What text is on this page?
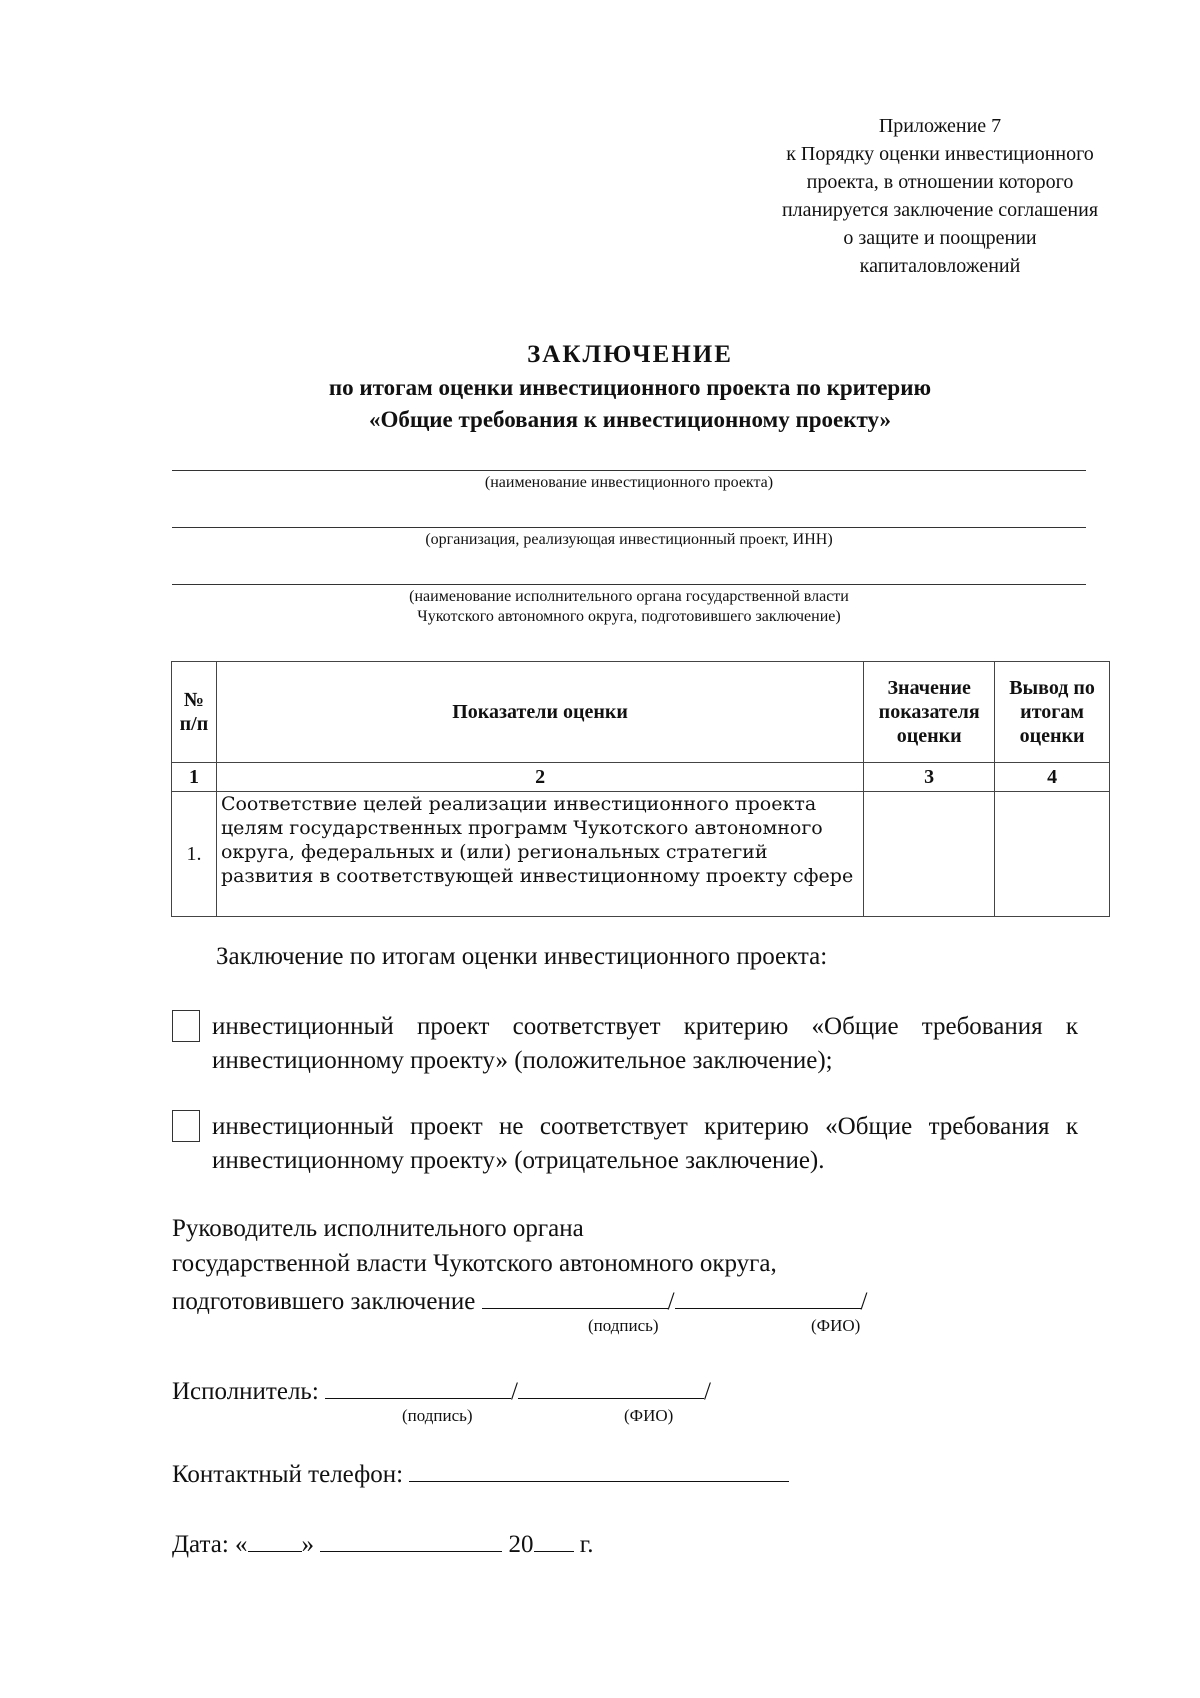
Приложение 7
к Порядку оценки инвестиционного
проекта, в отношении которого
планируется заключение соглашения
о защите и поощрении
капиталовложений
ЗАКЛЮЧЕНИЕ
по итогам оценки инвестиционного проекта по критерию
«Общие требования к инвестиционному проекту»
(наименование инвестиционного проекта)
(организация, реализующая инвестиционный проект, ИНН)
(наименование исполнительного органа государственной власти
Чукотского автономного округа, подготовившего заключение)
№ п/п	Показатели оценки	Значение показателя оценки	Вывод по итогам оценки
1	2	3	4
1.	Соответствие целей реализации инвестиционного проекта целям государственных программ Чукотского автономного округа, федеральных и (или) региональных стратегий развития в соответствующей инвестиционному проекту сфере		
Заключение по итогам оценки инвестиционного проекта:
инвестиционный проект соответствует критерию «Общие требования к инвестиционному проекту» (положительное заключение);
инвестиционный проект не соответствует критерию «Общие требования к инвестиционному проекту» (отрицательное заключение).
Руководитель исполнительного органа
государственной власти Чукотского автономного округа,
подготовившего заключение	/	/
(подпись)	(ФИО)
Исполнитель:	/	/
(подпись)	(ФИО)
Контактный телефон:
Дата: « »	20 г.
